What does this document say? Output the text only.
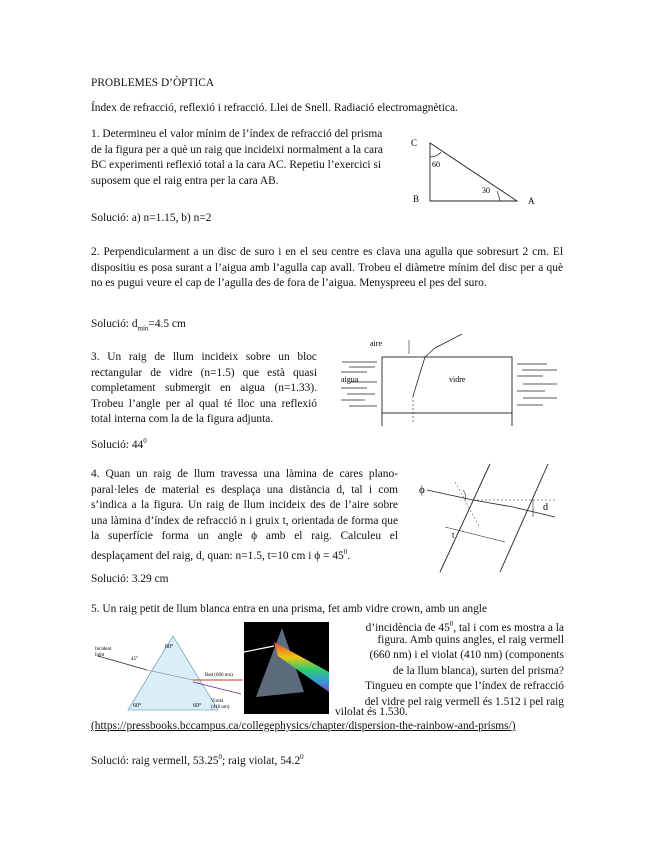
PROBLEMES D’ÒPTICA
Índex de refracció, reflexió i refracció. Llei de Snell. Radiació electromagnètica.
1. Determineu el valor mínim de l’índex de refracció del prisma de la figura per a què un raig que incideixi normalment a la cara BC experimenti reflexió total a la cara AC. Repetiu l’exercici si suposem que el raig entra per la cara AB.
Solució: a) n=1.15, b) n=2
C
B	A
60
30
2. Perpendicularment a un disc de suro i en el seu centre es clava una agulla que sobresurt 2 cm. El dispositiu es posa surant a l’aigua amb l’agulla cap avall. Trobeu el diàmetre mínim del disc per a què no es pugui veure el cap de l’agulla des de fora de l’aigua. Menyspreeu el pes del suro.
Solució: $d_{mín}=4.5$ cm
3. Un raig de llum incideix sobre un bloc rectangular de vidre (n=1.5) que està quasi completament submergit en aigua (n=1.33). Trobeu l’angle per al qual té lloc una reflexió total interna com la de la figura adjunta.
Solució: $44^0$
aire
aigua	vidre
4. Quan un raig de llum travessa una làmina de cares plano-paral·leles de material es desplaça una distància d, tal i com s’indica a la figura. Un raig de llum incideix des de l’aire sobre una làmina d’índex de refracció n i gruix t, orientada de forma que la superfície forma un angle ϕ amb el raig. Calculeu el desplaçament del raig, d, quan: n=1.5, t=10 cm i $\phi = 45^0$.
Solució: 3.29 cm
ϕ
d
t
5. Un raig petit de llum blanca entra en una prisma, fet amb vidre crown, amb un angle
d’incidència de $45^0$, tal i com es mostra a la
figura. Amb quins angles, el raig vermell
(660 nm) i el violat (410 nm) (components
de la llum blanca), surten del prisma?
Tingueu en compte que l’índex de refracció
del vidre pel raig vermell és 1.512 i pel raig
vilolat és 1.530.
(https://pressbooks.bccampus.ca/collegephysics/chapter/dispersion-the-rainbow-and-prisms/)
Solució: raig vermell, 53.25$^0$; raig violat, 54.2$^0$
60°
Incident
light
45°
Red (660 nm)
Violet
(410 nm)
60°	60°
